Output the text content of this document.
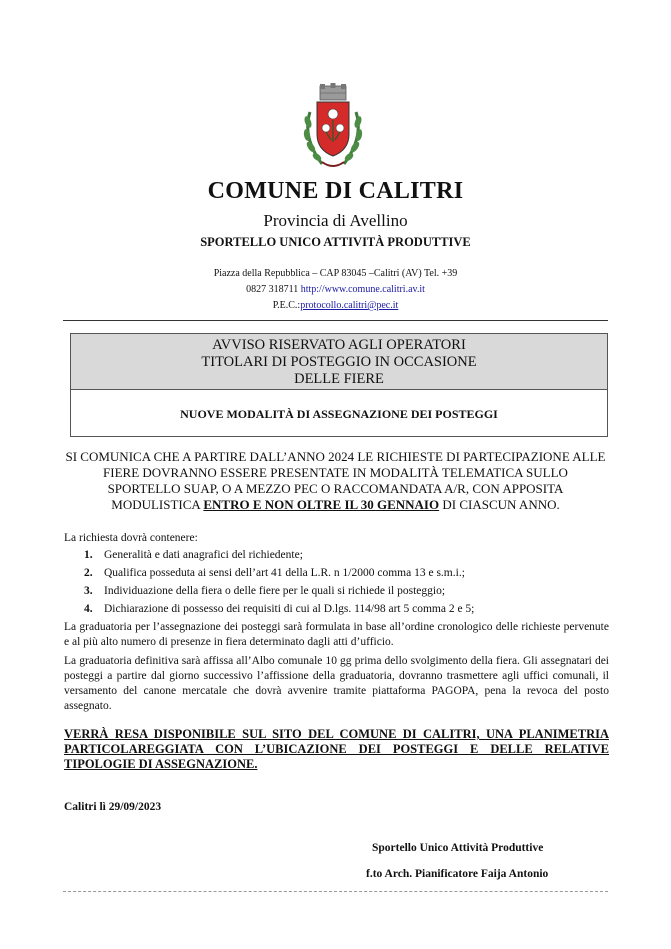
COMUNE DI CALITRI
Provincia di Avellino
SPORTELLO UNICO ATTIVITÀ PRODUTTIVE
Piazza della Repubblica – CAP 83045 –Calitri (AV) Tel. +39
0827 318711 http://www.comune.calitri.av.it
P.E.C.:protocollo.calitri@pec.it
AVVISO RISERVATO AGLI OPERATORI
TITOLARI DI POSTEGGIO IN OCCASIONE
DELLE FIERE
NUOVE MODALITÀ DI ASSEGNAZIONE DEI POSTEGGI
SI COMUNICA CHE A PARTIRE DALL’ANNO 2024 LE RICHIESTE DI PARTECIPAZIONE ALLE FIERE DOVRANNO ESSERE PRESENTATE IN MODALITÀ TELEMATICA SULLO SPORTELLO SUAP, O A MEZZO PEC O RACCOMANDATA A/R, CON APPOSITA MODULISTICA ENTRO E NON OLTRE IL 30 GENNAIO DI CIASCUN ANNO.
La richiesta dovrà contenere:
1. Generalità e dati anagrafici del richiedente;
2. Qualifica posseduta ai sensi dell’art 41 della L.R. n 1/2000 comma 13 e s.m.i.;
3. Individuazione della fiera o delle fiere per le quali si richiede il posteggio;
4. Dichiarazione di possesso dei requisiti di cui al D.lgs. 114/98 art 5 comma 2 e 5;
La graduatoria per l’assegnazione dei posteggi sarà formulata in base all’ordine cronologico delle richieste pervenute e al più alto numero di presenze in fiera determinato dagli atti d’ufficio.
La graduatoria definitiva sarà affissa all’Albo comunale 10 gg prima dello svolgimento della fiera. Gli assegnatari dei posteggi a partire dal giorno successivo l’affissione della graduatoria, dovranno trasmettere agli uffici comunali, il versamento del canone mercatale che dovrà avvenire tramite piattaforma PAGOPA, pena la revoca del posto assegnato.
VERRÀ RESA DISPONIBILE SUL SITO DEL COMUNE DI CALITRI, UNA PLANIMETRIA PARTICOLAREGGIATA CON L’UBICAZIONE DEI POSTEGGI E DELLE RELATIVE TIPOLOGIE DI ASSEGNAZIONE.
Calitri lì 29/09/2023
Sportello Unico Attività Produttive
f.to Arch. Pianificatore Faija Antonio
